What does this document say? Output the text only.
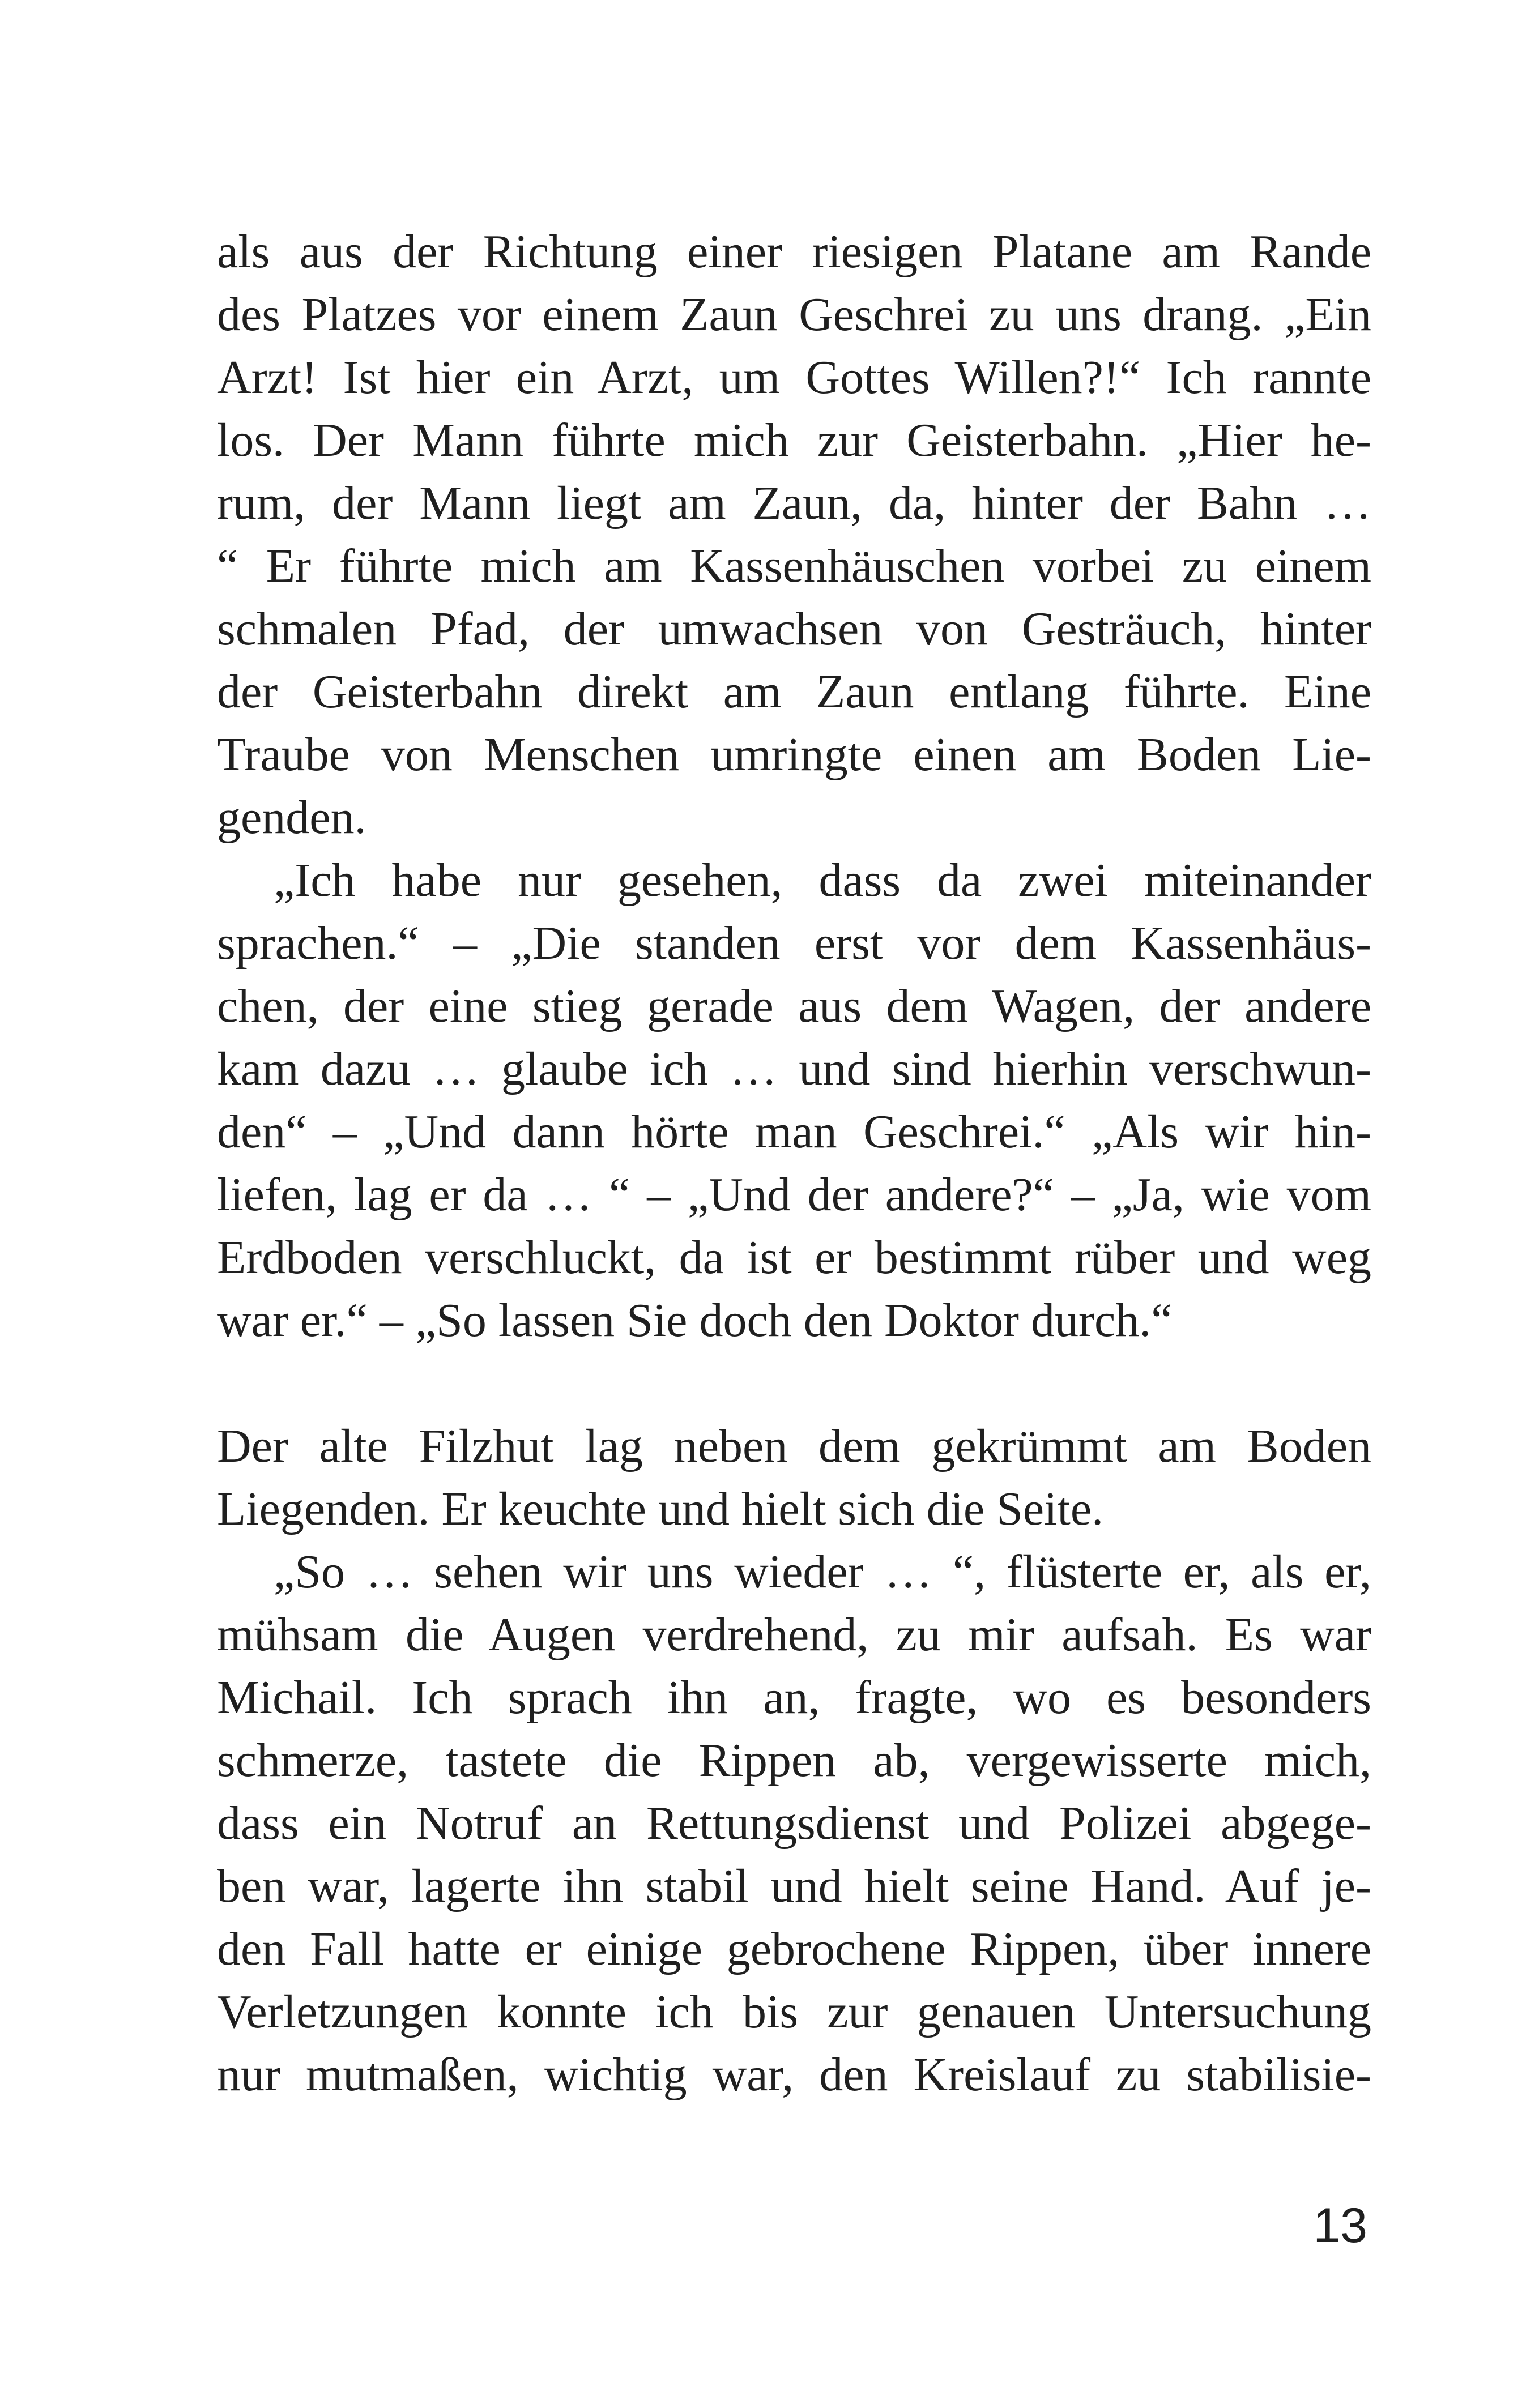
als aus der Richtung einer riesigen Platane am Rande
des Platzes vor einem Zaun Geschrei zu uns drang. „Ein
Arzt! Ist hier ein Arzt, um Gottes Willen?!“ Ich rannte
los. Der Mann führte mich zur Geisterbahn. „Hier he-
rum, der Mann liegt am Zaun, da, hinter der Bahn …
“ Er führte mich am Kassenhäuschen vorbei zu einem
schmalen Pfad, der umwachsen von Gesträuch, hinter
der Geisterbahn direkt am Zaun entlang führte. Eine
Traube von Menschen umringte einen am Boden Lie-
genden.
„Ich habe nur gesehen, dass da zwei miteinander
sprachen.“ – „Die standen erst vor dem Kassenhäus-
chen, der eine stieg gerade aus dem Wagen, der andere
kam dazu … glaube ich … und sind hierhin verschwun-
den“ – „Und dann hörte man Geschrei.“ „Als wir hin-
liefen, lag er da … “ – „Und der andere?“ – „Ja, wie vom
Erdboden verschluckt, da ist er bestimmt rüber und weg
war er.“ – „So lassen Sie doch den Doktor durch.“
Der alte Filzhut lag neben dem gekrümmt am Boden
Liegenden. Er keuchte und hielt sich die Seite.
„So … sehen wir uns wieder … “, flüsterte er, als er,
mühsam die Augen verdrehend, zu mir aufsah. Es war
Michail. Ich sprach ihn an, fragte, wo es besonders
schmerze, tastete die Rippen ab, vergewisserte mich,
dass ein Notruf an Rettungsdienst und Polizei abgege-
ben war, lagerte ihn stabil und hielt seine Hand. Auf je-
den Fall hatte er einige gebrochene Rippen, über innere
Verletzungen konnte ich bis zur genauen Untersuchung
nur mutmaßen, wichtig war, den Kreislauf zu stabilisie-
13
